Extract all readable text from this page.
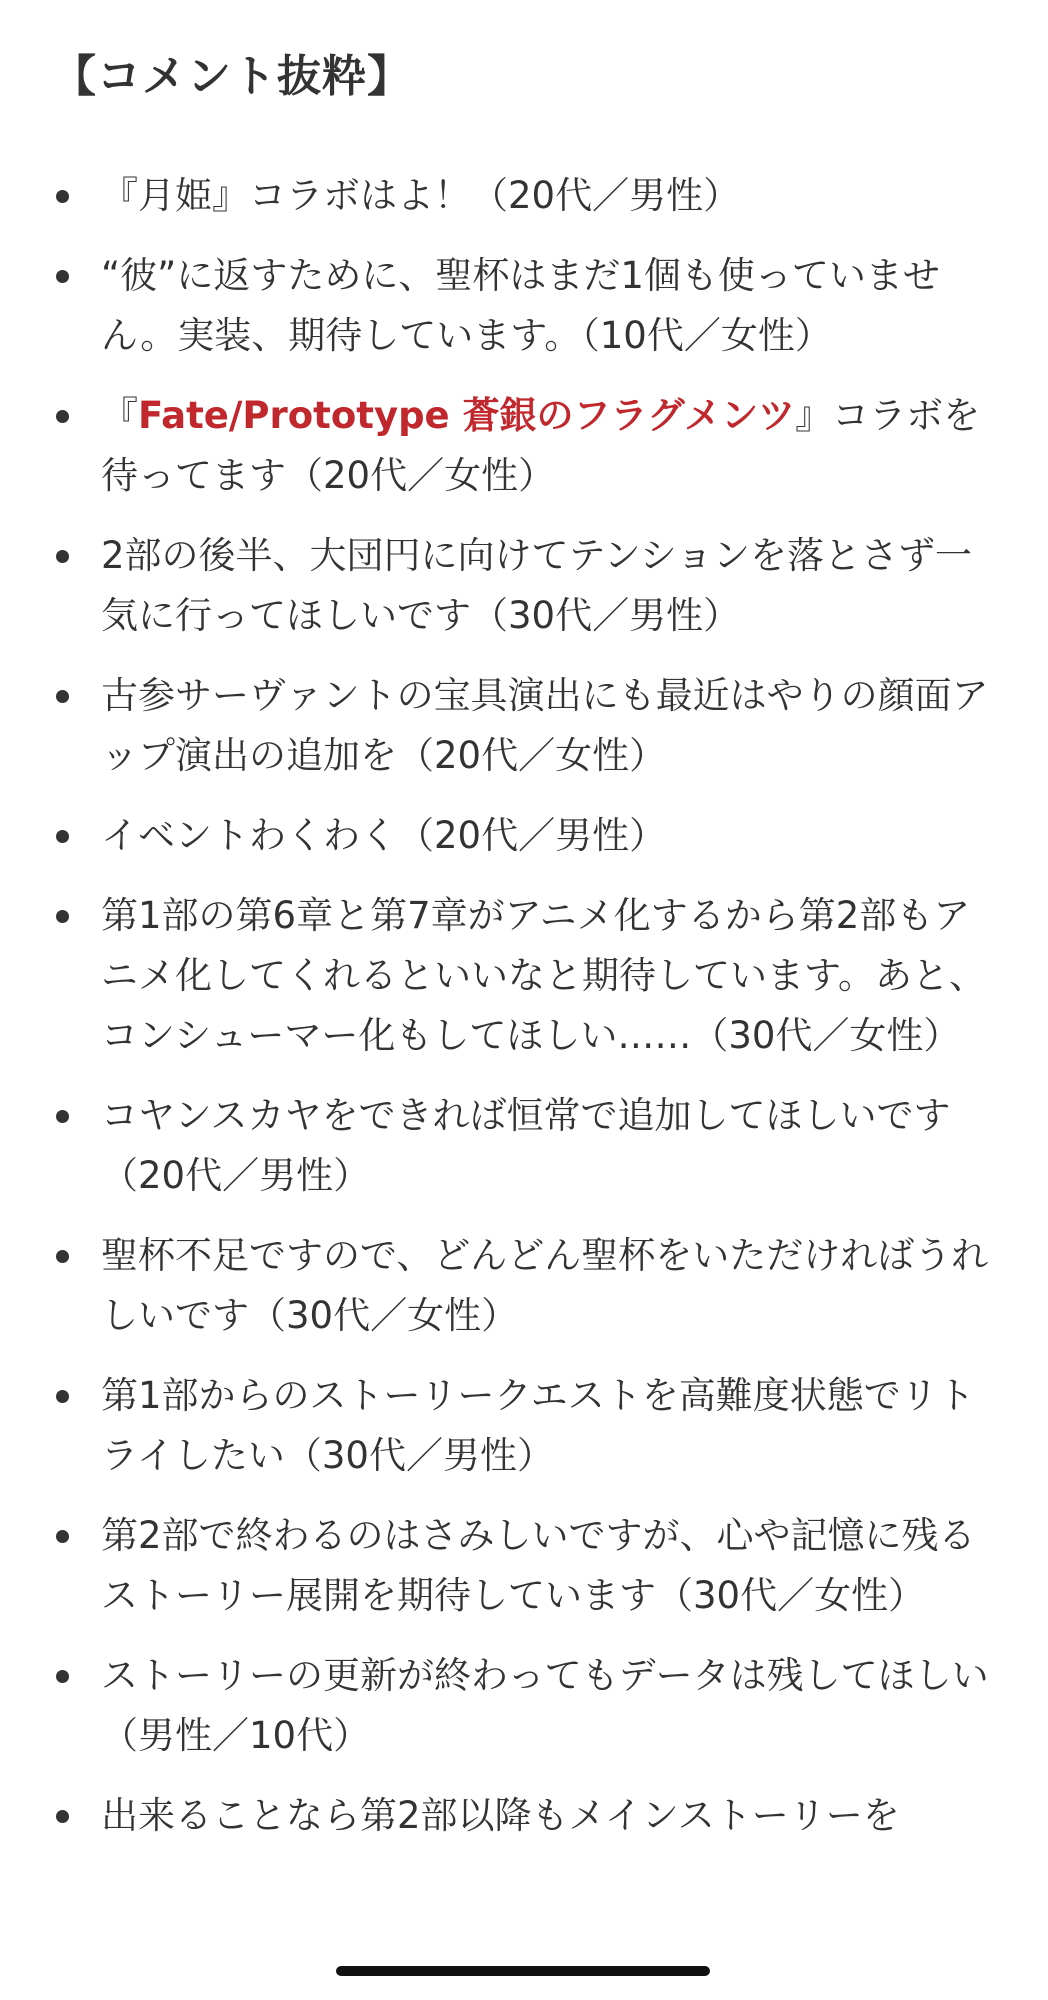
【コメント抜粋】
『月姫』コラボはよ！（20代／男性）
“彼”に返すために、聖杯はまだ1個も使っていません。実装、期待しています。（10代／女性）
『Fate/Prototype 蒼銀のフラグメンツ』コラボを待ってます（20代／女性）
2部の後半、大団円に向けてテンションを落とさず一気に行ってほしいです（30代／男性）
古参サーヴァントの宝具演出にも最近はやりの顔面アップ演出の追加を（20代／女性）
イベントわくわく（20代／男性）
第1部の第6章と第7章がアニメ化するから第2部もアニメ化してくれるといいなと期待しています。あと、コンシューマー化もしてほしい……（30代／女性）
コヤンスカヤをできれば恒常で追加してほしいです（20代／男性）
聖杯不足ですので、どんどん聖杯をいただければうれしいです（30代／女性）
第1部からのストーリークエストを高難度状態でリトライしたい（30代／男性）
第2部で終わるのはさみしいですが、心や記憶に残るストーリー展開を期待しています（30代／女性）
ストーリーの更新が終わってもデータは残してほしい（男性／10代）
出来ることなら第2部以降もメインストーリーを
